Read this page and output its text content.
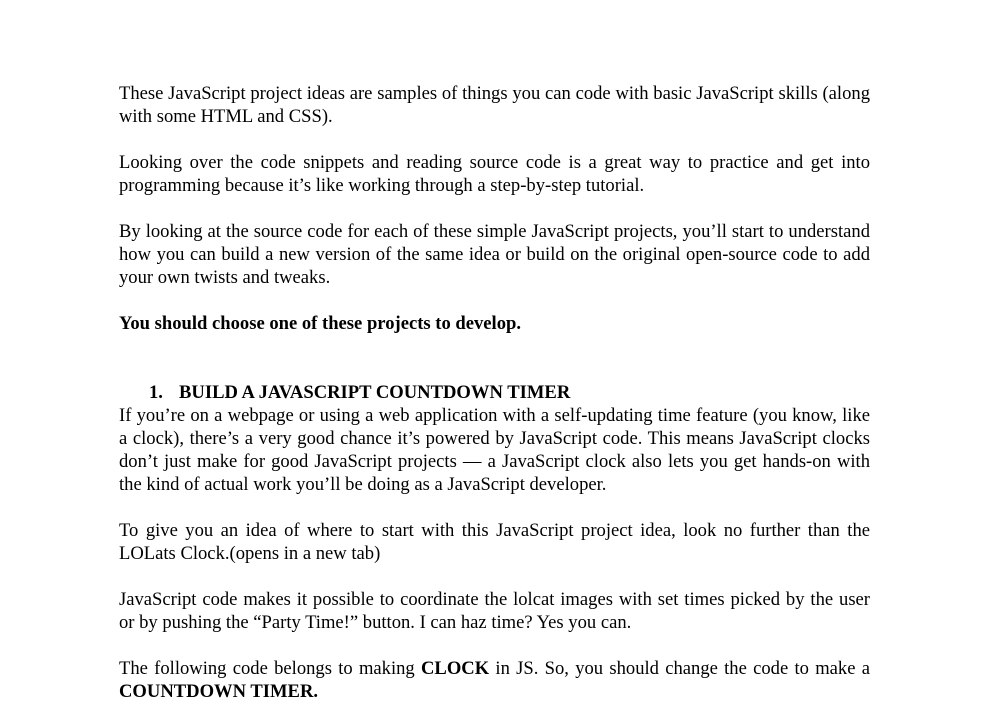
These JavaScript project ideas are samples of things you can code with basic JavaScript skills (along with some HTML and CSS).

Looking over the code snippets and reading source code is a great way to practice and get into programming because it’s like working through a step-by-step tutorial.

By looking at the source code for each of these simple JavaScript projects, you’ll start to understand how you can build a new version of the same idea or build on the original open-source code to add your own twists and tweaks.

You should choose one of these projects to develop.

1. BUILD A JAVASCRIPT COUNTDOWN TIMER

If you’re on a webpage or using a web application with a self-updating time feature (you know, like a clock), there’s a very good chance it’s powered by JavaScript code. This means JavaScript clocks don’t just make for good JavaScript projects — a JavaScript clock also lets you get hands-on with the kind of actual work you’ll be doing as a JavaScript developer.

To give you an idea of where to start with this JavaScript project idea, look no further than the LOLats Clock.(opens in a new tab)

JavaScript code makes it possible to coordinate the lolcat images with set times picked by the user or by pushing the “Party Time!” button. I can haz time? Yes you can.

The following code belongs to making CLOCK in JS. So, you should change the code to make a COUNTDOWN TIMER.
